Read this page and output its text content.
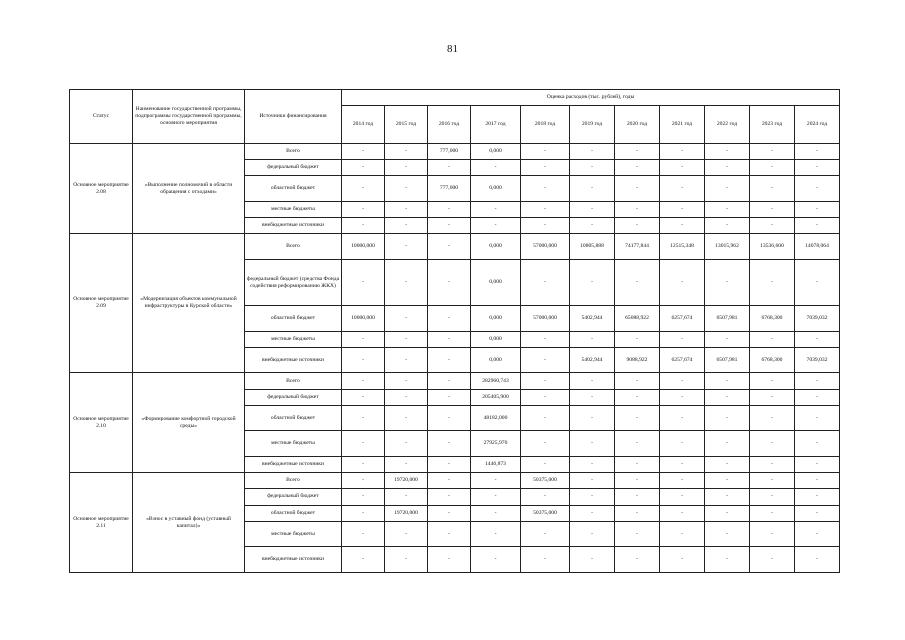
81
Статус	Наименование государственной программы, подпрограммы государственной программы, основного мероприятия	Источники финансирования	Оценка расходов (тыс. рублей), годы										
			2014 год	2015 год	2016 год	2017 год	2018 год	2019 год	2020 год	2021 год	2022 год	2023 год	2024 год
Основное мероприятие 2.08	«Выполнение полномочий в области обращения с отходами»	Всего	-	-	777,000	0,000	-	-	-	-	-	-	-
		федеральный бюджет	-	-	-	-	-	-	-	-	-	-	-
		областной бюджет	-	-	777,000	0,000	-	-	-	-	-	-	-
		местные бюджеты	-	-	-	-	-	-	-	-	-	-	-
		внебюджетные источники	-	-	-	-	-	-	-	-	-	-	-
Основное мероприятие 2.09	«Модернизация объектов коммунальной инфраструктуры в Курской области»	Всего	10000,000	-	-	0,000	57000,000	10805,888	74177,844	12515,348	13015,962	13536,600	14078,064
		федеральный бюджет (средства Фонда содействия реформированию ЖКХ)	-	-	-	0,000	-	-	-	-	-	-	-
		областной бюджет	10000,000	-	-	0,000	57000,000	5402,944	65088,922	6257,674	6507,981	6768,300	7039,032
		местные бюджеты	-	-	-	0,000	-	-	-	-	-	-	-
		внебюджетные источники	-	-	-	0,000	-	5402,944	9088,922	6257,674	6507,981	6768,300	7039,032
Основное мероприятие 2.10	«Формирование комфортной городской среды»	Всего	-	-	-	282960,743	-	-	-	-	-	-	-
		федеральный бюджет	-	-	-	205405,900	-	-	-	-	-	-	-
		областной бюджет	-	-	-	48182,000	-	-	-	-	-	-	-
		местные бюджеты	-	-	-	27925,970	-	-	-	-	-	-	-
		внебюджетные источники	-	-	-	1446,873	-	-	-	-	-	-	-
Основное мероприятие 2.11	«Взнос в уставный фонд (уставный капитал)»	Всего	-	19720,000	-	-	50375,000	-	-	-	-	-	-
		федеральный бюджет	-	-	-	-	-	-	-	-	-	-	-
		областной бюджет	-	19720,000	-	-	50375,000	-	-	-	-	-	-
		местные бюджеты	-	-	-	-	-	-	-	-	-	-	-
		внебюджетные источники	-	-	-	-	-	-	-	-	-	-	-
